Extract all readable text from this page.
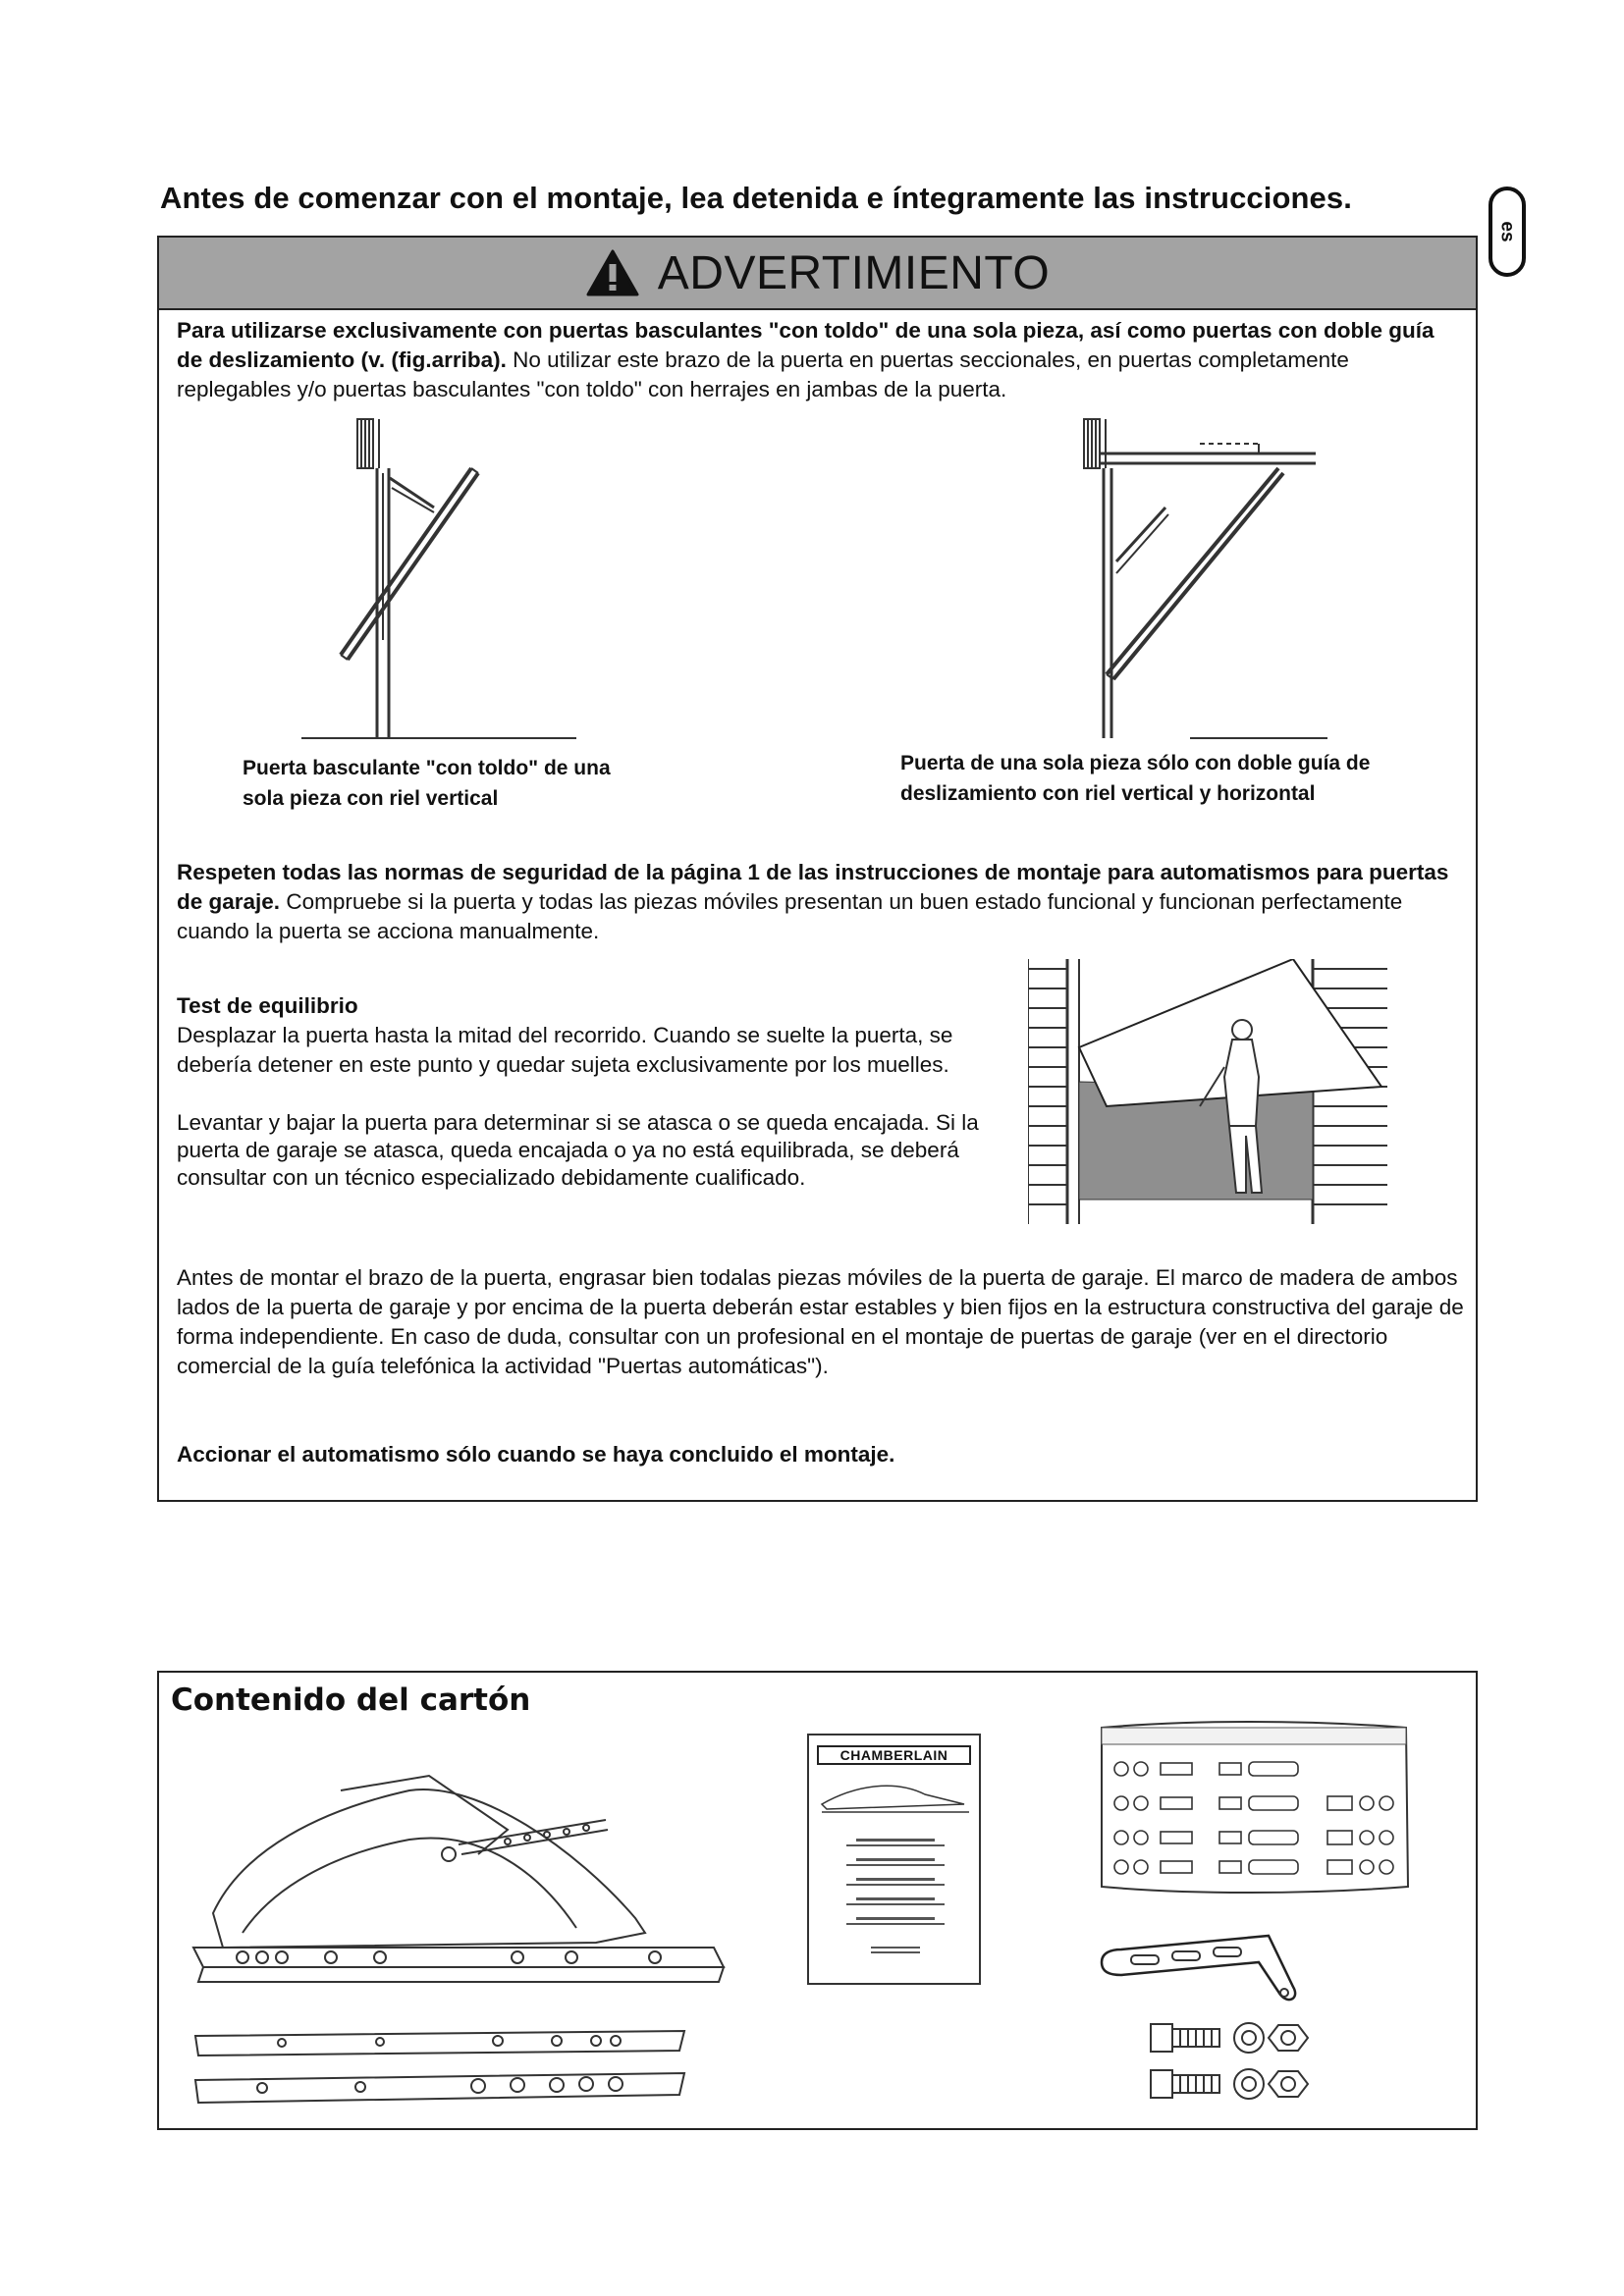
Antes de comenzar con el montaje, lea detenida e íntegramente las instrucciones.
es
ADVERTIMIENTO
Para utilizarse exclusivamente con puertas basculantes "con toldo" de una sola pieza, así como puertas con doble guía de deslizamiento (v. (fig.arriba). No utilizar este brazo de la puerta en puertas seccionales, en puertas completamente replegables y/o puertas basculantes "con toldo" con herrajes en jambas de la puerta.
Puerta basculante "con toldo" de una sola pieza con riel vertical
Puerta de una sola pieza sólo con doble guía de deslizamiento con riel vertical y horizontal
Respeten todas las normas de seguridad de la página 1 de las instrucciones de montaje para automatismos para puertas de garaje. Compruebe si la puerta y todas las piezas móviles presentan un buen estado funcional y funcionan perfectamente cuando la puerta se acciona manualmente.
Test de equilibrio
Desplazar la puerta hasta la mitad del recorrido. Cuando se suelte la puerta, se debería detener en este punto y quedar sujeta exclusivamente por los muelles.
Levantar y bajar la puerta para determinar si se atasca o se queda encajada. Si la puerta de garaje se atasca, queda encajada o ya no está equilibrada, se deberá consultar con un técnico especializado debidamente cualificado.
Antes de montar el brazo de la puerta, engrasar bien todalas piezas móviles de la puerta de garaje. El marco de madera de ambos lados de la puerta de garaje y por encima de la puerta deberán estar estables y bien fijos en la estructura constructiva del garaje de forma independiente. En caso de duda, consultar con un profesional en el montaje de puertas de garaje (ver en el directorio comercial de la guía telefónica la actividad "Puertas automáticas").
Accionar el automatismo sólo cuando se haya concluido el montaje.
Contenido del cartón
CHAMBERLAIN
